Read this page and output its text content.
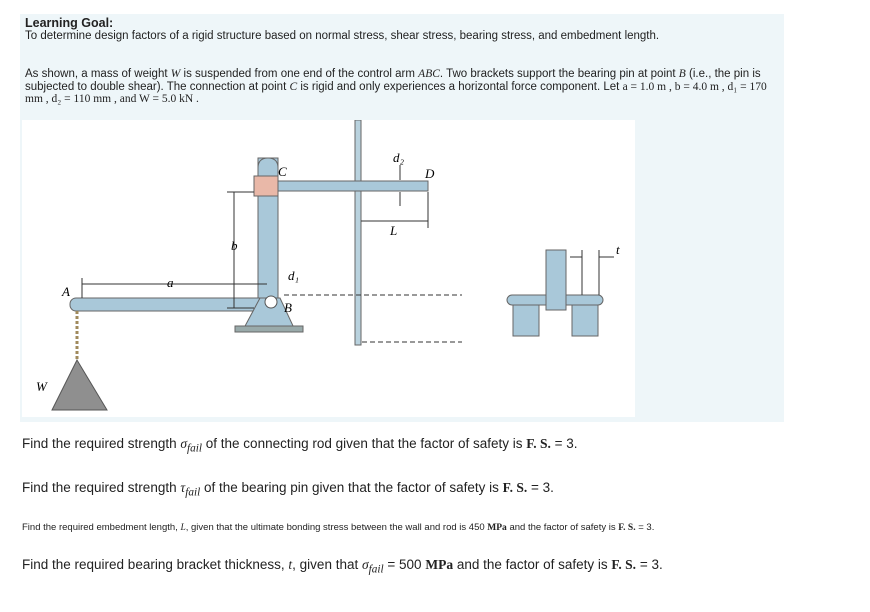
Learning Goal:
To determine design factors of a rigid structure based on normal stress, shear stress, bearing stress, and embedment length.
As shown, a mass of weight W is suspended from one end of the control arm ABC. Two brackets support the bearing pin at point B (i.e., the pin is subjected to double shear). The connection at point C is rigid and only experiences a horizontal force component. Let a = 1.0 m , b = 4.0 m , d₁ = 170 mm , d₂ = 110 mm , and W = 5.0 kN .
C	D
d₂
L
b
a
A
d₁
B
W
t
Find the required strength $\sigma_{fail}$ of the connecting rod given that the factor of safety is F. S. = 3.
Find the required strength $\tau_{fail}$ of the bearing pin given that the factor of safety is F. S. = 3.
Find the required embedment length, L, given that the ultimate bonding stress between the wall and rod is 450 MPa and the factor of safety is F. S. = 3.
Find the required bearing bracket thickness, t, given that $\sigma_{fail} = 500$ MPa and the factor of safety is F. S. = 3.
